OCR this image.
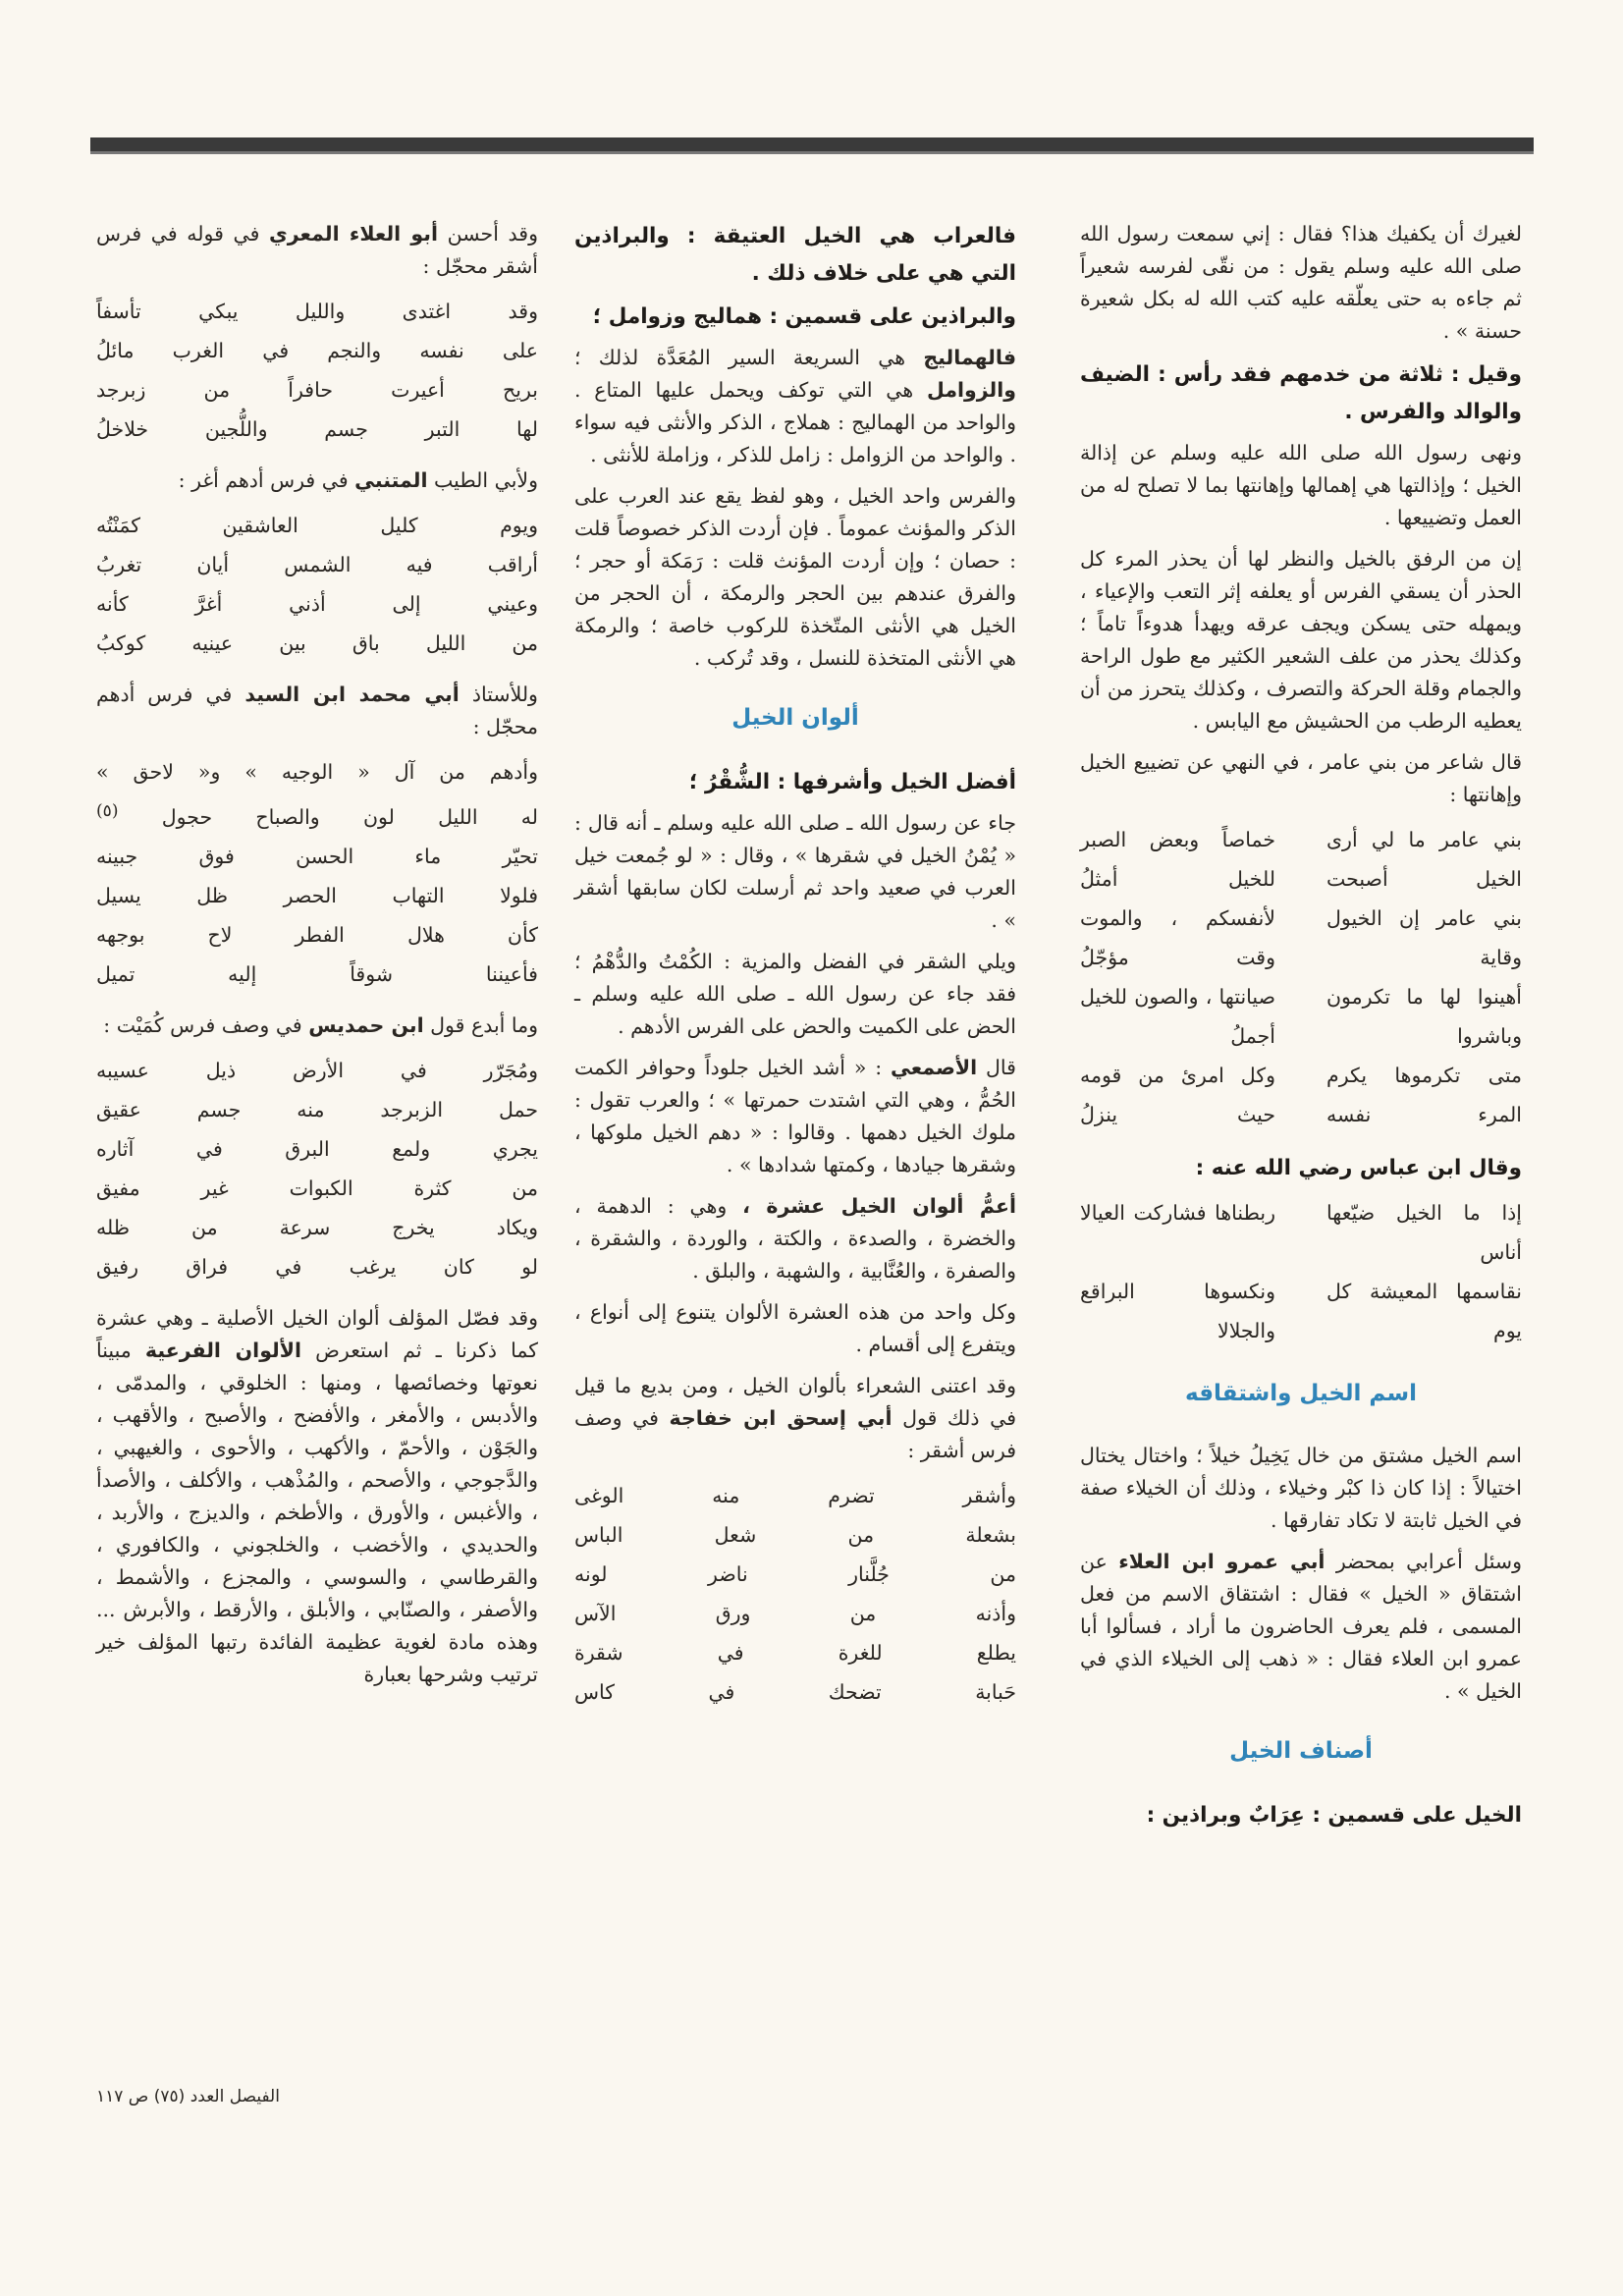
لغيرك أن يكفيك هذا؟ فقال : إني سمعت رسول الله صلى الله عليه وسلم يقول : من نقّى لفرسه شعيراً ثم جاءه به حتى يعلّقه عليه كتب الله له بكل شعيرة حسنة » .

وقيل : ثلاثة من خدمهم فقد رأس : الضيف والوالد والفرس .

ونهى رسول الله صلى الله عليه وسلم عن إذالة الخيل ؛ وإذالتها هي إهمالها وإهانتها بما لا تصلح له من العمل وتضييعها .

إن من الرفق بالخيل والنظر لها أن يحذر المرء كل الحذر أن يسقي الفرس أو يعلفه إثر التعب والإعياء ، ويمهله حتى يسكن ويجف عرقه ويهدأ هدوءاً تاماً ؛ وكذلك يحذر من علف الشعير الكثير مع طول الراحة والجمام وقلة الحركة والتصرف ، وكذلك يتحرز من أن يعطيه الرطب من الحشيش مع اليابس .

قال شاعر من بني عامر ، في النهي عن تضييع الخيل وإهانتها :

بني عامر ما لي أرى الخيل أصبحت
خماصاً وبعض الصبر للخيل أمثلُ
بني عامر إن الخيول وقاية
لأنفسكم ، والموت وقت مؤجّلُ
أهينوا لها ما تكرمون وباشروا
صيانتها ، والصون للخيل أجملُ
متى تكرموها يكرم المرء نفسه
وكل امرئ من قومه حيث ينزلُ
وقال ابن عباس رضي الله عنه :
إذا ما الخيل ضيّعها أناس
ربطناها فشاركت العيالا
نقاسمها المعيشة كل يوم
ونكسوها البراقع والجلالا
اسم الخيل واشتقاقه

اسم الخيل مشتق من خال يَخِيلُ خيلاً ؛ واختال يختال اختيالاً : إذا كان ذا كبْر وخيلاء ، وذلك أن الخيلاء صفة في الخيل ثابتة لا تكاد تفارقها .

وسئل أعرابي بمحضر أبي عمرو ابن العلاء عن اشتقاق « الخيل » فقال : اشتقاق الاسم من فعل المسمى ، فلم يعرف الحاضرون ما أراد ، فسألوا أبا عمرو ابن العلاء فقال : « ذهب إلى الخيلاء الذي في الخيل » .

أصناف الخيل
الخيل على قسمين : عِرَابٌ وبراذين :
فالعراب هي الخيل العتيقة : والبراذين التي هي على خلاف ذلك .
والبراذين على قسمين : هماليج وزوامل ؛

فالهماليج هي السريعة السير المُعَدَّة لذلك ؛ والزوامل هي التي توكف ويحمل عليها المتاع . والواحد من الهماليج : هملاج ، الذكر والأنثى فيه سواء . والواحد من الزوامل : زامل للذكر ، وزاملة للأنثى .

والفرس واحد الخيل ، وهو لفظ يقع عند العرب على الذكر والمؤنث عموماً . فإن أردت الذكر خصوصاً قلت : حصان ؛ وإن أردت المؤنث قلت : رَمَكة أو حجر ؛ والفرق عندهم بين الحجر والرمكة ، أن الحجر من الخيل هي الأنثى المتّخذة للركوب خاصة ؛ والرمكة هي الأنثى المتخذة للنسل ، وقد تُركب .

ألوان الخيل
أفضل الخيل وأشرفها : الشُّقْرُ ؛

جاء عن رسول الله ـ صلى الله عليه وسلم ـ أنه قال : « يُمْنُ الخيل في شقرها » ، وقال : « لو جُمعت خيل العرب في صعيد واحد ثم أرسلت لكان سابقها أشقر » .

ويلي الشقر في الفضل والمزية : الكُمْتُ والدُّهْمُ ؛ فقد جاء عن رسول الله ـ صلى الله عليه وسلم ـ الحض على الكميت والحض على الفرس الأدهم .

قال الأصمعي : « أشد الخيل جلوداً وحوافر الكمت الحُمُّ ، وهي التي اشتدت حمرتها » ؛ والعرب تقول : ملوك الخيل دهمها . وقالوا : « دهم الخيل ملوكها ، وشقرها جيادها ، وكمتها شدادها » .

أعمُّ ألوان الخيل عشرة ، وهي : الدهمة ، والخضرة ، والصدءة ، والكتة ، والوردة ، والشقرة ، والصفرة ، والعُنَّابية ، والشهبة ، والبلق .

وكل واحد من هذه العشرة الألوان يتنوع إلى أنواع ، ويتفرع إلى أقسام .

وقد اعتنى الشعراء بألوان الخيل ، ومن بديع ما قيل في ذلك قول أبي إسحق ابن خفاجة في وصف فرس أشقر :

وأشقر تضرم منه الوغى
بشعلة من شعل الباس
من جُلَّنار ناضر لونه
وأذنه من ورق الآس
يطلع للغرة في شقرة
حَبابة تضحك في كاس

وقد أحسن أبو العلاء المعري في قوله في فرس أشقر محجّل :

وقد اغتدى والليل يبكي تأسفاً
على نفسه والنجم في الغرب مائلُ
بريح أعيرت حافراً من زبرجد
لها التبر جسم واللُّجين خلاخلُ

ولأبي الطيب المتنبي في فرس أدهم أغر :

ويوم كليل العاشقين كمَنْتُه
أراقب فيه الشمس أيان تغربُ
وعيني إلى أذني أغرَّ كأنه
من الليل باق بين عينيه كوكبُ

وللأستاذ أبي محمد ابن السيد في فرس أدهم محجّل :

وأدهم من آل « الوجيه » و« لاحق »
له الليل لون والصباح حجول $^{(٥)}$
تحيّر ماء الحسن فوق جبينه
فلولا التهاب الحصر ظل يسيل
كأن هلال الفطر لاح بوجهه
فأعيننا شوقاً إليه تميل

وما أبدع قول ابن حمديس في وصف فرس كُمَيْت :

ومُجَرّر في الأرض ذيل عسيبه
حمل الزبرجد منه جسم عقيق
يجري ولمع البرق في آثاره
من كثرة الكبوات غير مفيق
ويكاد يخرج سرعة من ظله
لو كان يرغب في فراق رفيق

وقد فصّل المؤلف ألوان الخيل الأصلية ـ وهي عشرة كما ذكرنا ـ ثم استعرض الألوان الفرعية مبيناً نعوتها وخصائصها ، ومنها : الخلوقي ، والمدمّى ، والأدبس ، والأمغر ، والأفضح ، والأصبح ، والأقهب ، والجَوْن ، والأحمّ ، والأكهب ، والأحوى ، والغيهبي ، والدَّجوجي ، والأصحم ، والمُذْهب ، والأكلف ، والأصدأ ، والأغبس ، والأورق ، والأطخم ، والديزج ، والأربد ، والحديدي ، والأخضب ، والخلجوني ، والكافوري ، والقرطاسي ، والسوسي ، والمجزع ، والأشمط ، والأصفر ، والصنّابي ، والأبلق ، والأرقط ، والأبرش ... وهذه مادة لغوية عظيمة الفائدة رتبها المؤلف خير ترتيب وشرحها بعبارة

الفيصل العدد (٧٥) ص ١١٧
